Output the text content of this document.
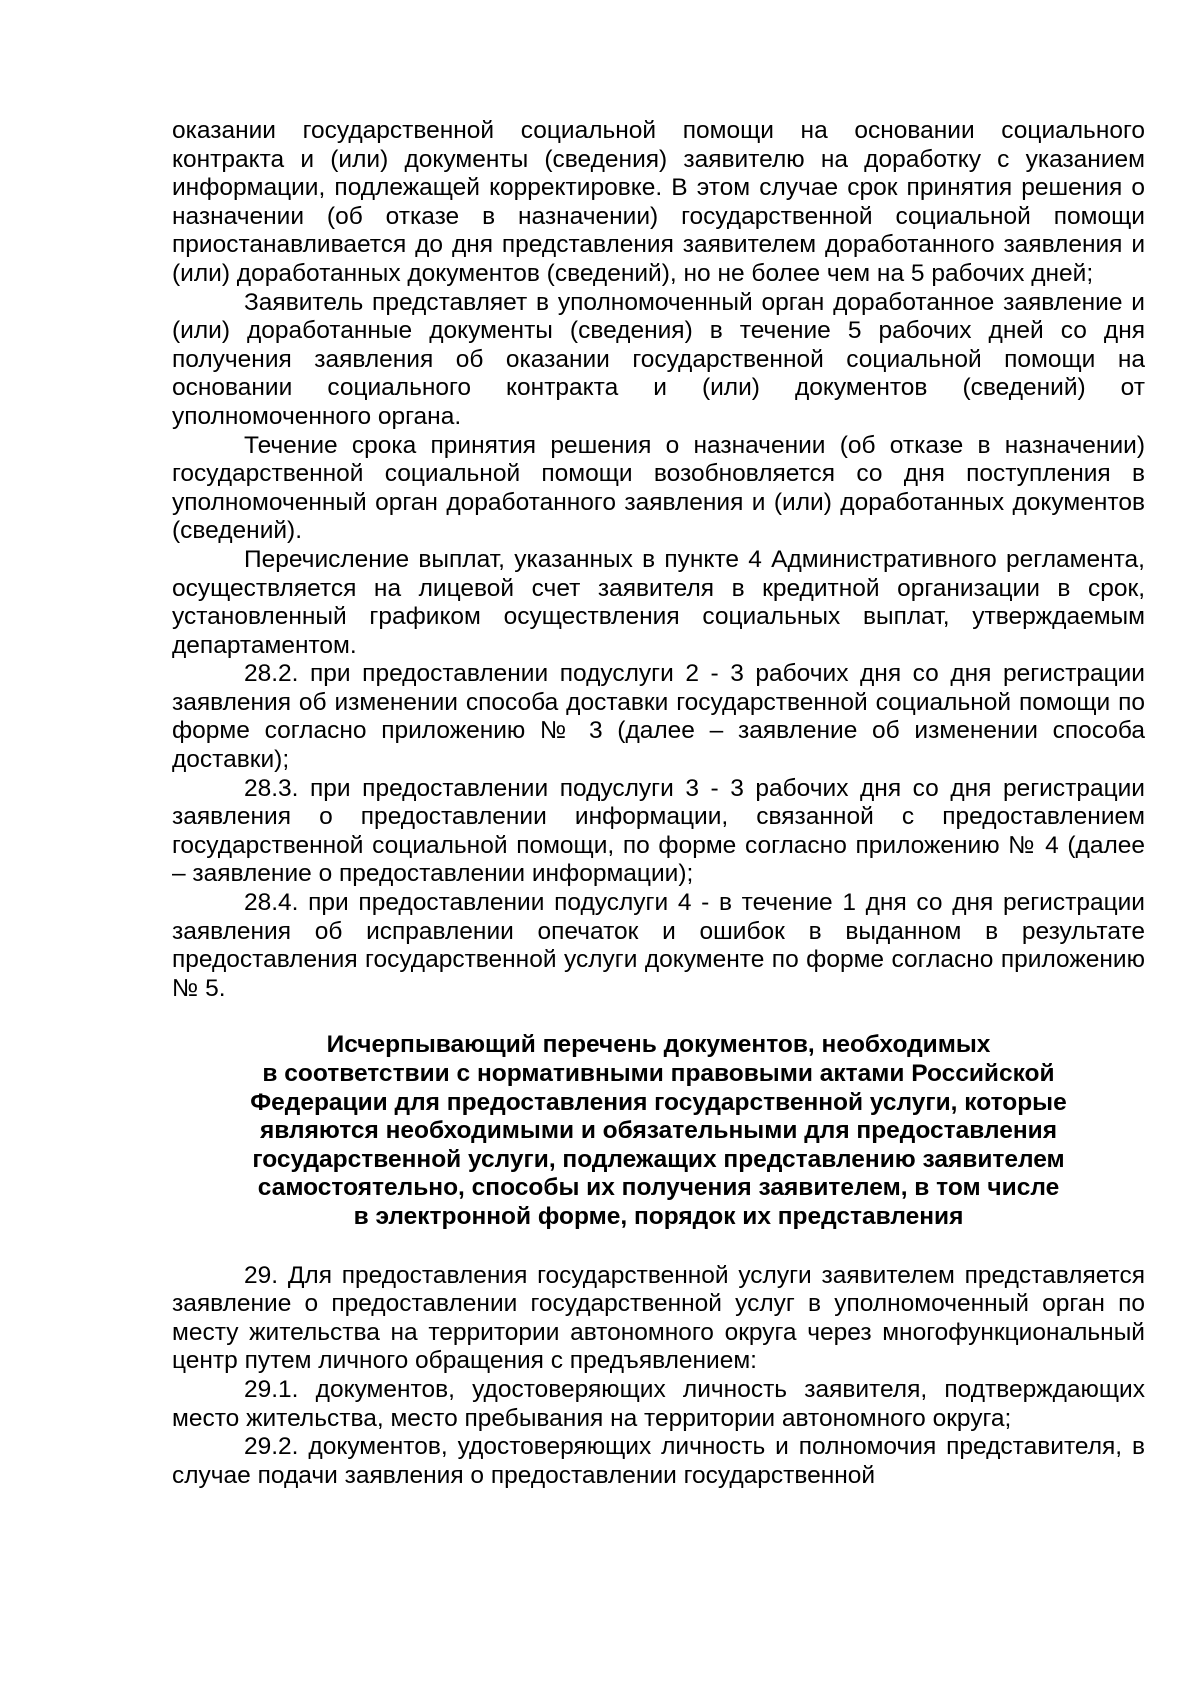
оказании государственной социальной помощи на основании социального контракта и (или) документы (сведения) заявителю на доработку с указанием информации, подлежащей корректировке. В этом случае срок принятия решения о назначении (об отказе в назначении) государственной социальной помощи приостанавливается до дня представления заявителем доработанного заявления и (или) доработанных документов (сведений), но не более чем на 5 рабочих дней;

Заявитель представляет в уполномоченный орган доработанное заявление и (или) доработанные документы (сведения) в течение 5 рабочих дней со дня получения заявления об оказании государственной социальной помощи на основании социального контракта и (или) документов (сведений) от уполномоченного органа.

Течение срока принятия решения о назначении (об отказе в назначении) государственной социальной помощи возобновляется со дня поступления в уполномоченный орган доработанного заявления и (или) доработанных документов (сведений).

Перечисление выплат, указанных в пункте 4 Административного регламента, осуществляется на лицевой счет заявителя в кредитной организации в срок, установленный графиком осуществления социальных выплат, утверждаемым департаментом.

28.2. при предоставлении подуслуги 2 - 3 рабочих дня со дня регистрации заявления об изменении способа доставки государственной социальной помощи по форме согласно приложению № 3 (далее – заявление об изменении способа доставки);

28.3. при предоставлении подуслуги 3 - 3 рабочих дня со дня регистрации заявления о предоставлении информации, связанной с предоставлением государственной социальной помощи, по форме согласно приложению № 4 (далее – заявление о предоставлении информации);

28.4. при предоставлении подуслуги 4 - в течение 1 дня со дня регистрации заявления об исправлении опечаток и ошибок в выданном в результате предоставления государственной услуги документе по форме согласно приложению № 5.

Исчерпывающий перечень документов, необходимых

в соответствии с нормативными правовыми актами Российской

Федерации для предоставления государственной услуги, которые

являются необходимыми и обязательными для предоставления

государственной услуги, подлежащих представлению заявителем

самостоятельно, способы их получения заявителем, в том числе

в электронной форме, порядок их представления

29. Для предоставления государственной услуги заявителем представляется заявление о предоставлении государственной услуг в уполномоченный орган по месту жительства на территории автономного округа через многофункциональный центр путем личного обращения с предъявлением:

29.1. документов, удостоверяющих личность заявителя, подтверждающих место жительства, место пребывания на территории автономного округа;

29.2. документов, удостоверяющих личность и полномочия представителя, в случае подачи заявления о предоставлении государственной
